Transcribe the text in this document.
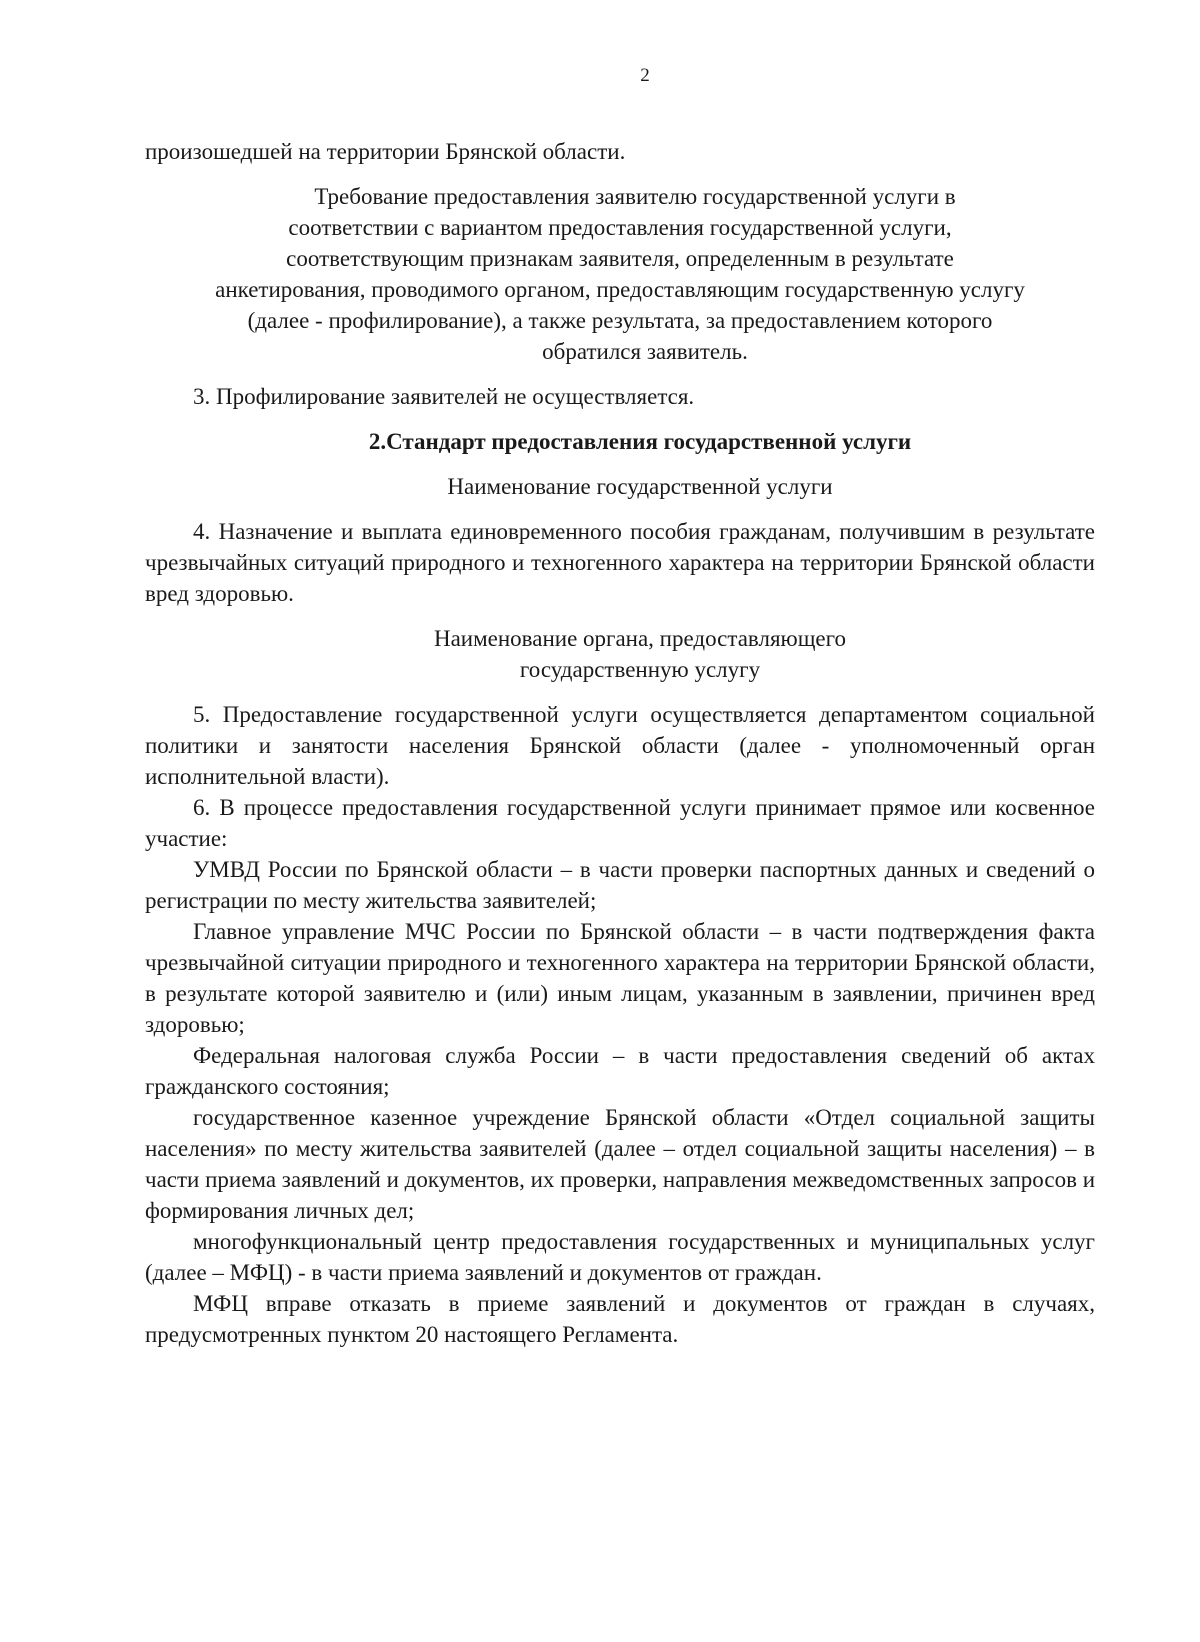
2

произошедшей на территории Брянской области.

Требование предоставления заявителю государственной услуги в

соответствии с вариантом предоставления государственной услуги,

соответствующим признакам заявителя, определенным в результате

анкетирования, проводимого органом, предоставляющим государственную услугу

(далее - профилирование), а также результата, за предоставлением которого

обратился заявитель.

3. Профилирование заявителей не осуществляется.

2.Стандарт предоставления государственной услуги

Наименование государственной услуги

4. Назначение и выплата единовременного пособия гражданам, получившим в результате чрезвычайных ситуаций природного и техногенного характера на территории Брянской области вред здоровью.

Наименование органа, предоставляющего

государственную услугу

5. Предоставление государственной услуги осуществляется департаментом социальной политики и занятости населения Брянской области (далее - уполномоченный орган исполнительной власти).

6. В процессе предоставления государственной услуги принимает прямое или косвенное участие:

УМВД России по Брянской области – в части проверки паспортных данных и сведений о регистрации по месту жительства заявителей;

Главное управление МЧС России по Брянской области – в части подтверждения факта чрезвычайной ситуации природного и техногенного характера на территории Брянской области, в результате которой заявителю и (или) иным лицам, указанным в заявлении, причинен вред здоровью;

Федеральная налоговая служба России – в части предоставления сведений об актах гражданского состояния;

государственное казенное учреждение Брянской области «Отдел социальной защиты населения» по месту жительства заявителей (далее – отдел социальной защиты населения) – в части приема заявлений и документов, их проверки, направления межведомственных запросов и формирования личных дел;

многофункциональный центр предоставления государственных и муниципальных услуг (далее – МФЦ) - в части приема заявлений и документов от граждан.

МФЦ вправе отказать в приеме заявлений и документов от граждан в случаях, предусмотренных пунктом 20 настоящего Регламента.
